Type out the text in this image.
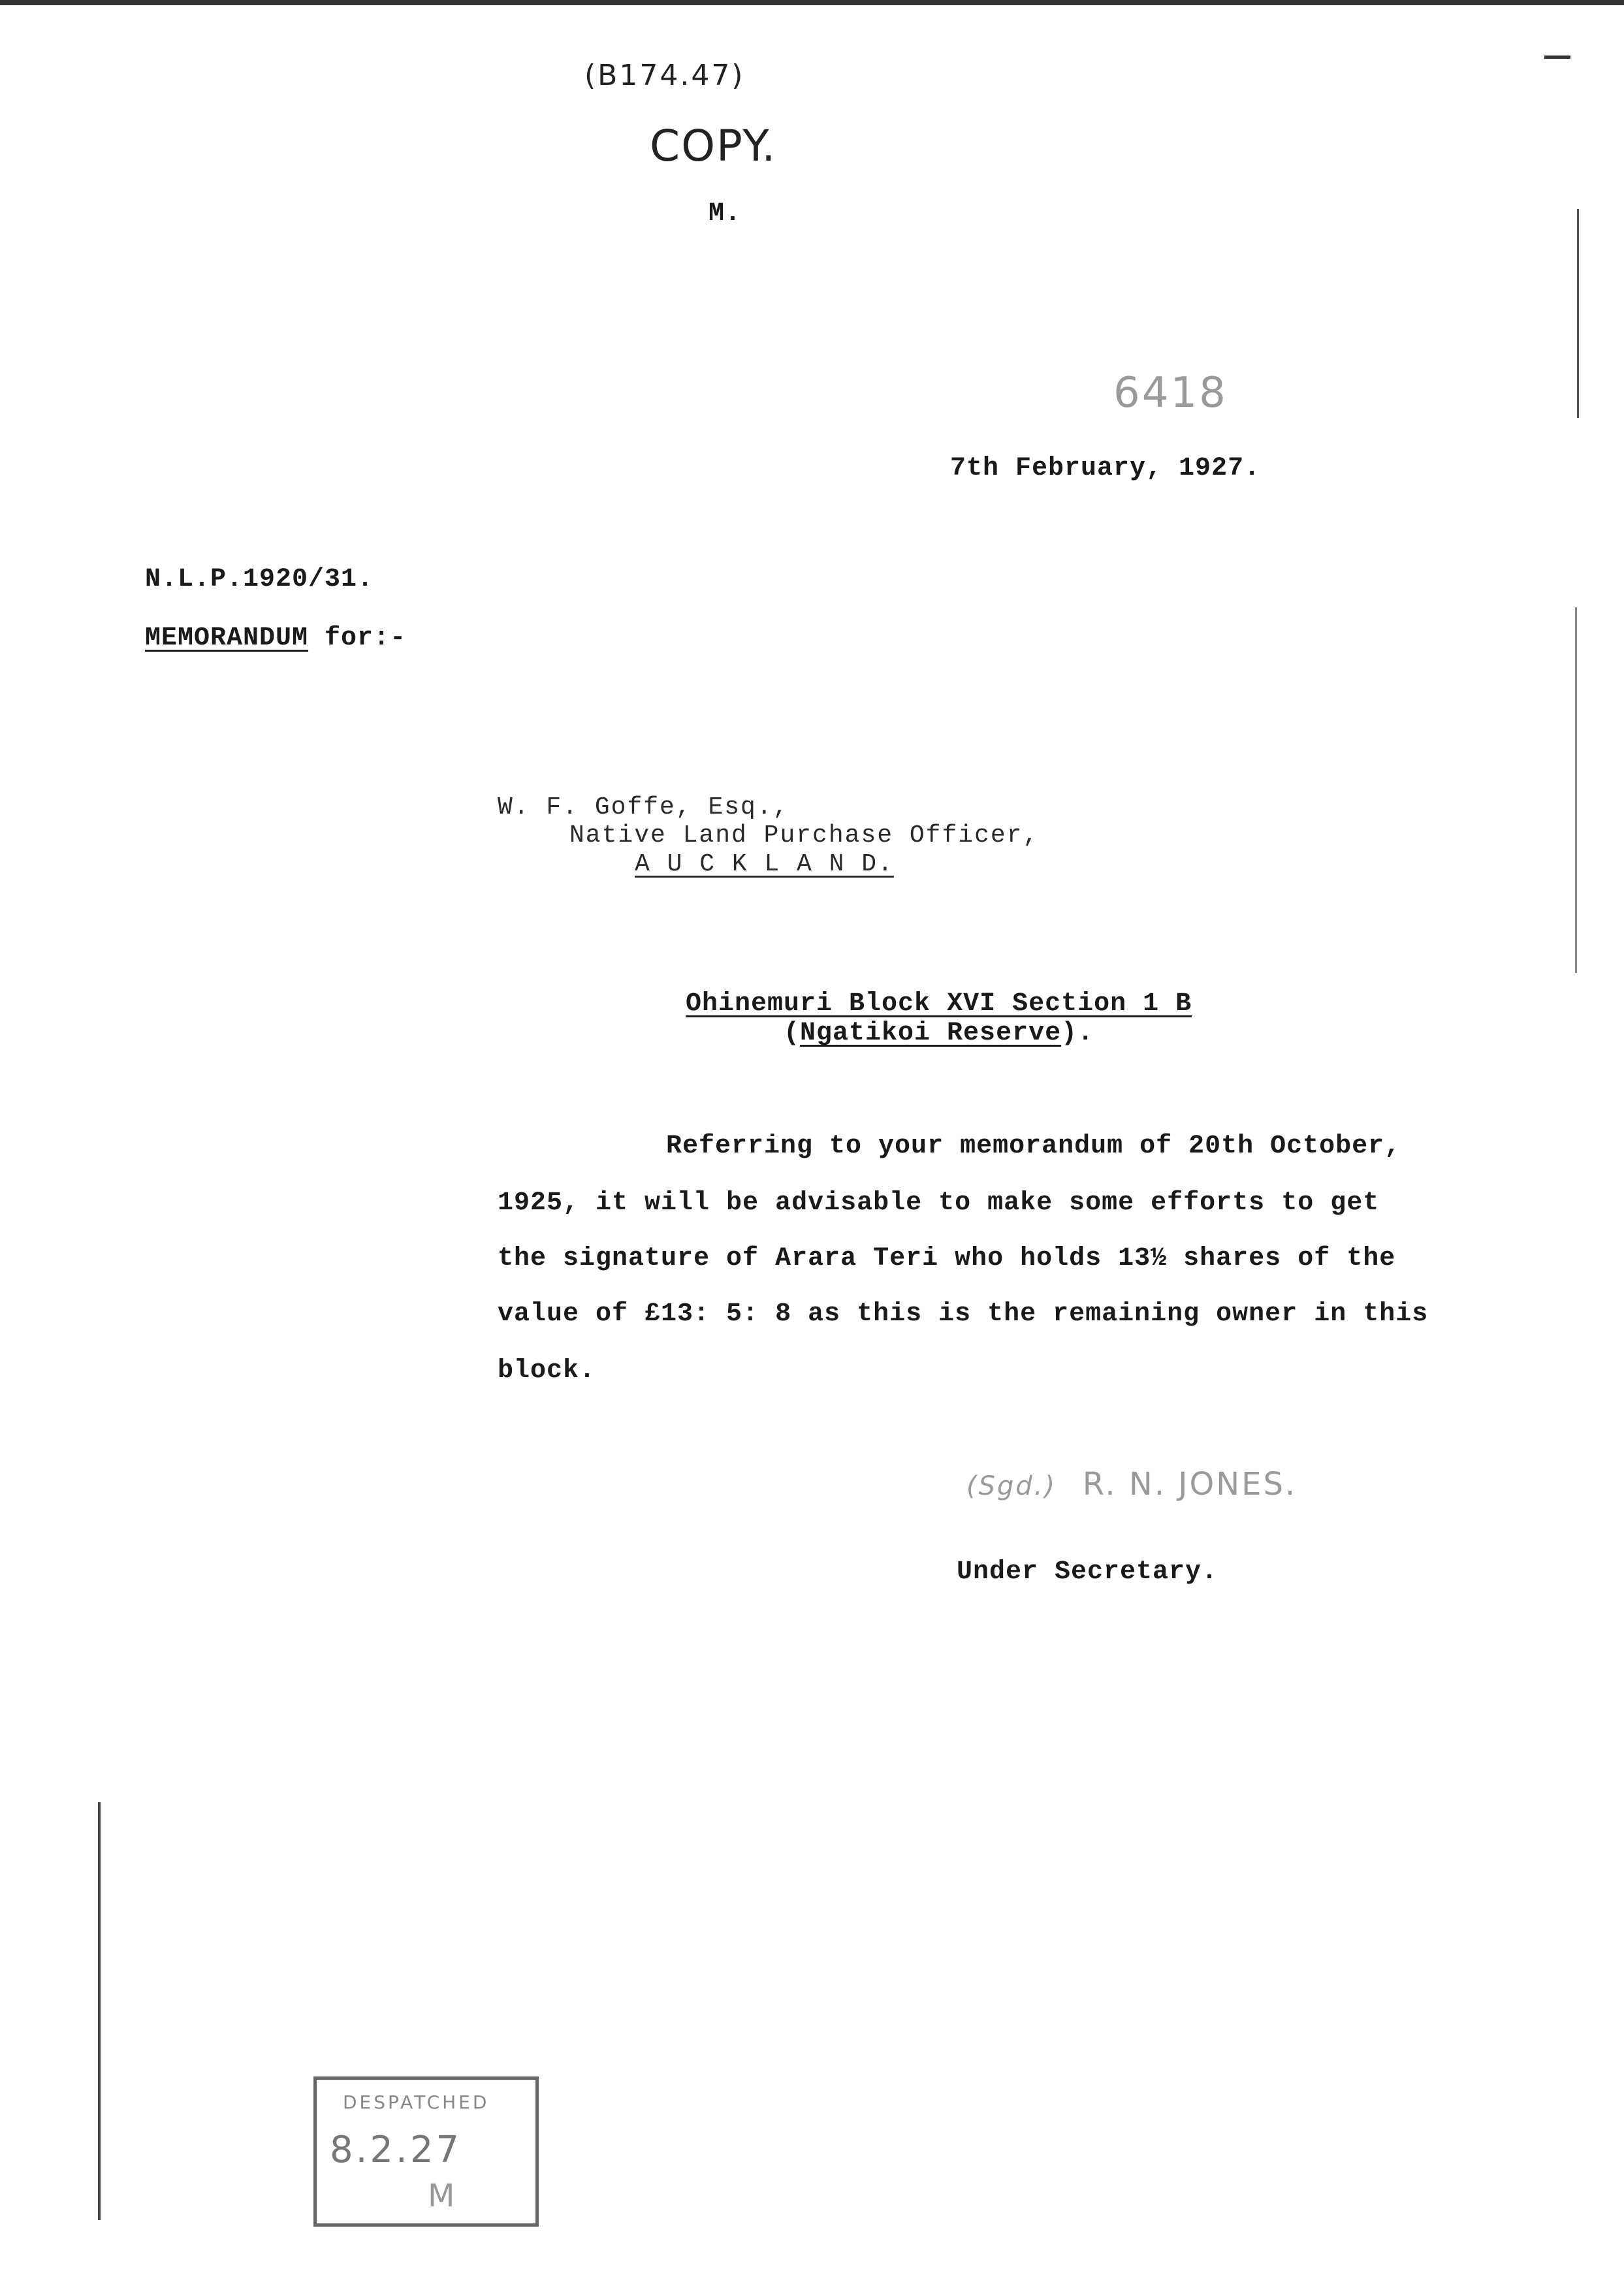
(B174.47)
COPY.
M.
6418
7th February, 1927.
N.L.P.1920/31.
MEMORANDUM for:-
W. F. Goffe, Esq.,
Native Land Purchase Officer,
A U C K L A N D.
Ohinemuri Block XVI Section 1 B
(Ngatikoi Reserve).
Referring to your memorandum of 20th October,
1925, it will be advisable to make some efforts to get
the signature of Arara Teri who holds 13½ shares of the
value of £13: 5: 8 as this is the remaining owner in this
block.
(Sgd.) R. N. JONES.
Under Secretary.
DESPATCHED
8.2.27
M
